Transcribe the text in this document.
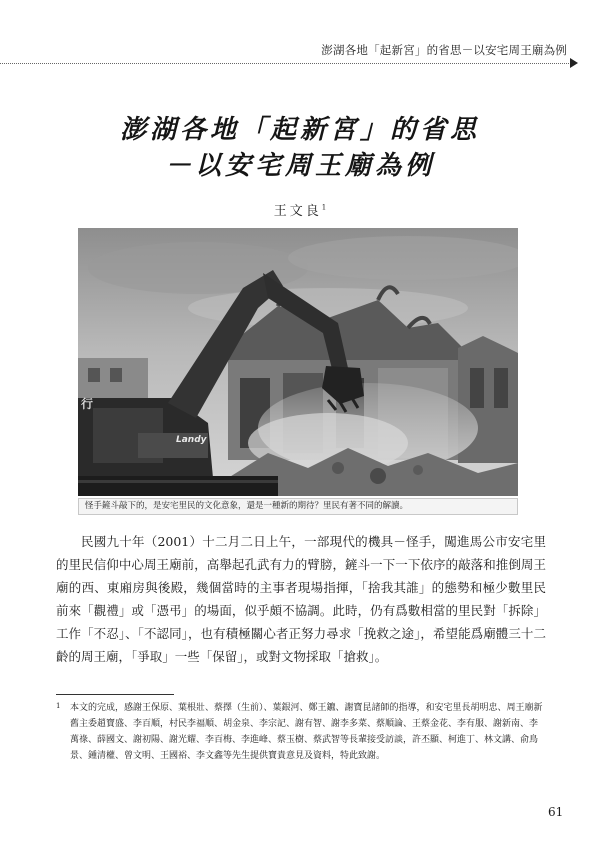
澎湖各地「起新宮」的省思－以安宅周王廟為例
澎湖各地「起新宮」的省思
－以安宅周王廟為例
王文良$^1$
行
Landy
怪手鏟斗敲下的，是安宅里民的文化意象，還是一種新的期待？里民有著不同的解讀。

民國九十年（2001）十二月二日上午，一部現代的機具－怪手，闖進馬公市安宅里的里民信仰中心周王廟前，高舉起孔武有力的臂膀，鏟斗一下一下依序的敲落和推倒周王廟的西、東廂房與後殿，幾個當時的主事者現場指揮，「捨我其誰」的態勢和極少數里民前來「觀禮」或「憑弔」的場面，似乎頗不協調。此時，仍有爲數相當的里民對「拆除」工作「不忍」、「不認同」，也有積極關心者正努力尋求「挽救之途」，希望能爲廟體三十二齡的周王廟，「爭取」一些「保留」，或對文物採取「搶救」。

1 本文的完成，感謝王保原、葉根壯、蔡擇（生前）、葉銀河、鄭王鑣、謝寶昆諸師的指導，和安宅里長胡明忠、周王廟新舊主委趙寶盛、李百順，村民李福順、胡金泉、李宗記、謝有智、謝李多菜、蔡順論、王蔡金花、李有服、謝新南、李萬祿、薛國文、謝初陽、謝光耀、李百梅、李進峰、蔡玉樹、蔡武智等長輩接受訪談，許丕顯、柯進丁、林文講、俞鳥景、鍾清權、曾文明、王國裕、李文鑫等先生提供寶貴意見及資料，特此致謝。
61
